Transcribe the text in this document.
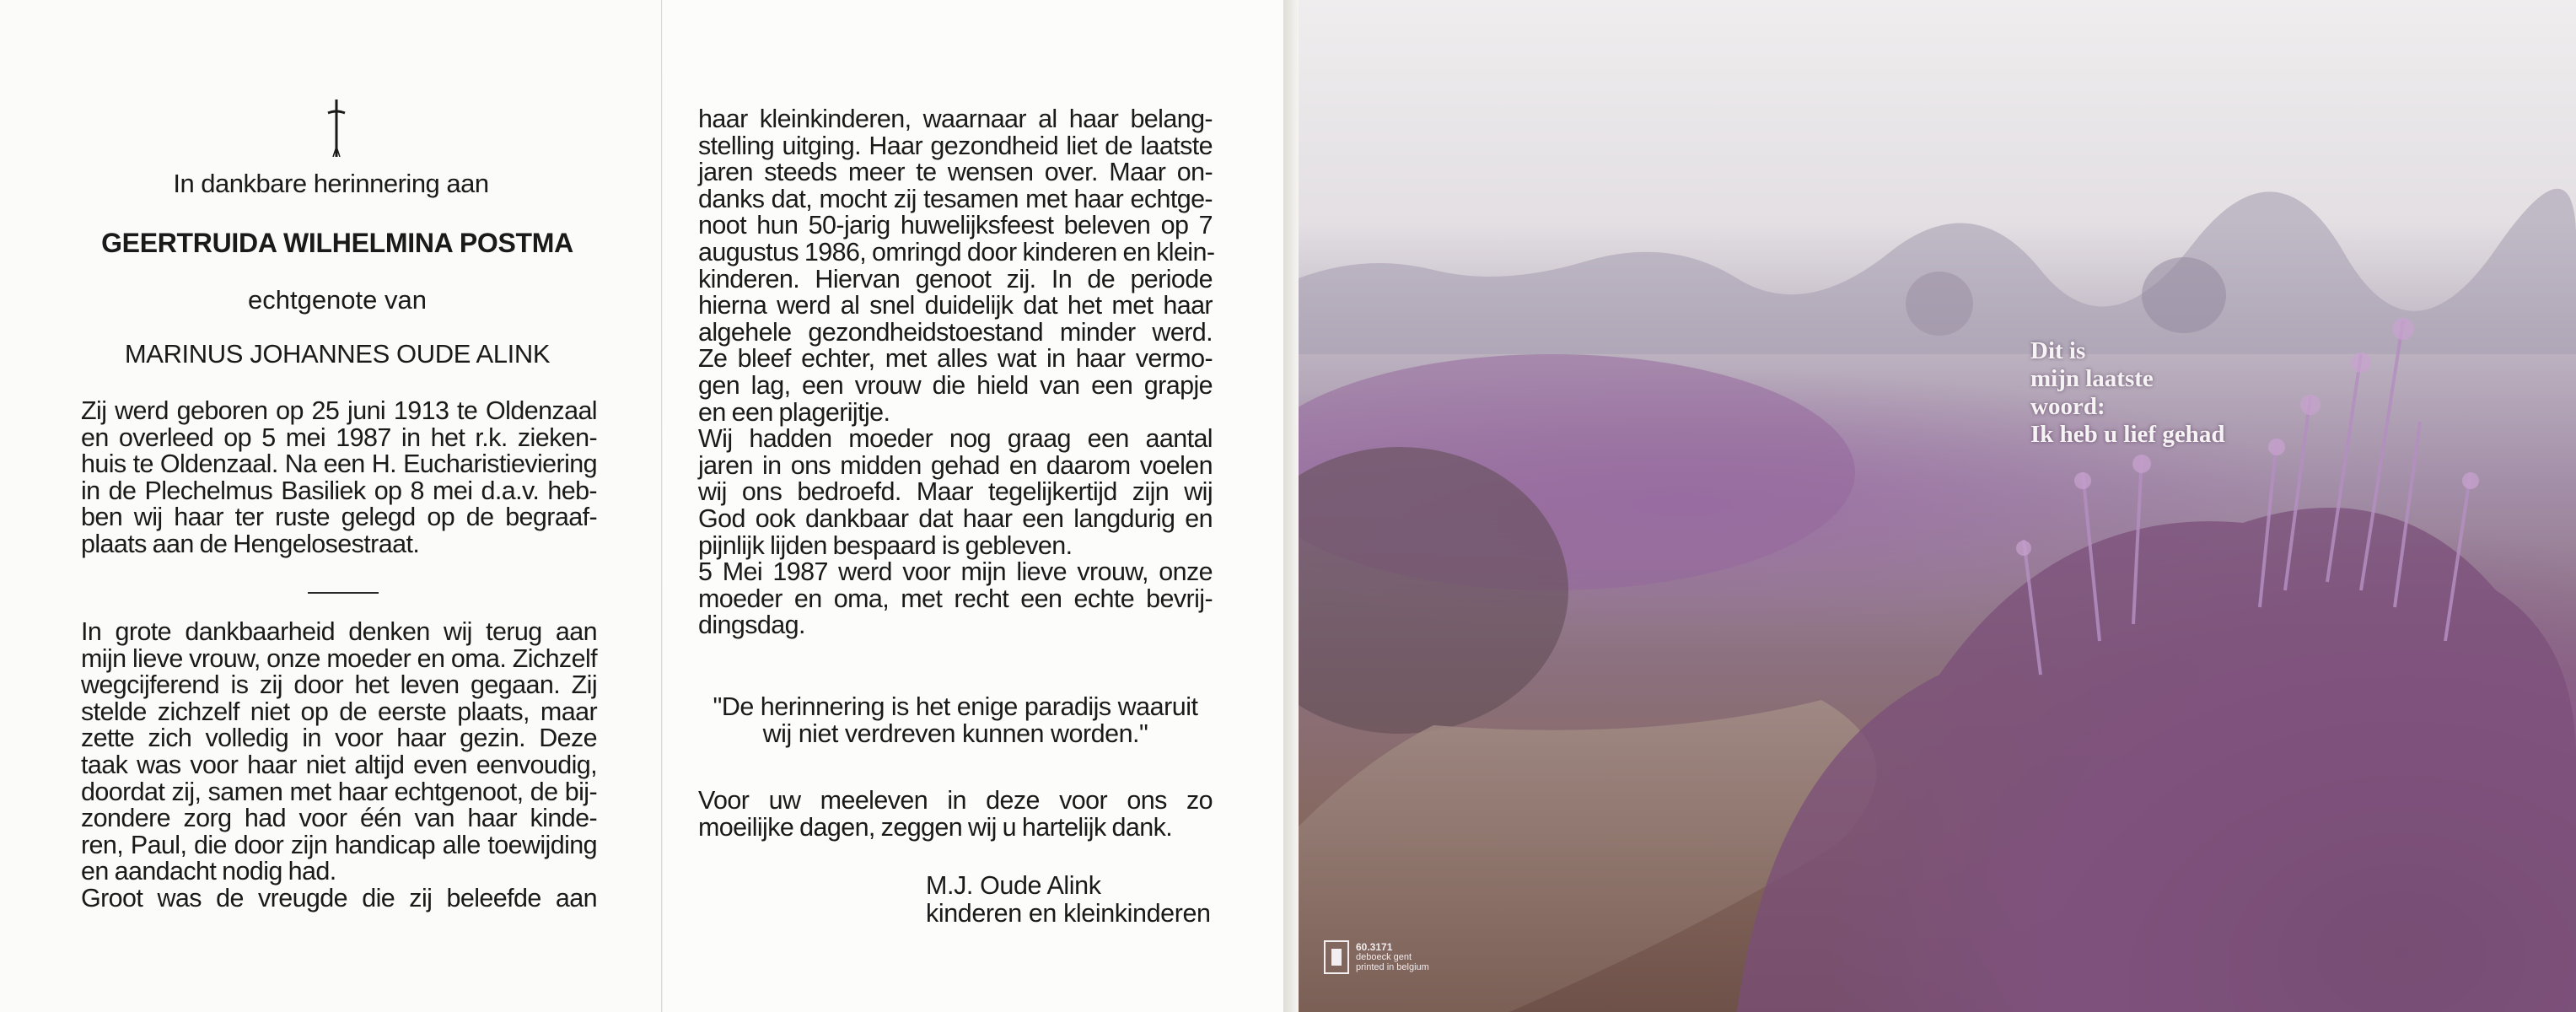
In dankbare herinnering aan
GEERTRUIDA WILHELMINA POSTMA
echtgenote van
MARINUS JOHANNES OUDE ALINK
Zij werd geboren op 25 juni 1913 te Oldenzaal
en overleed op 5 mei 1987 in het r.k. zieken-
huis te Oldenzaal. Na een H. Eucharistieviering
in de Plechelmus Basiliek op 8 mei d.a.v. heb-
ben wij haar ter ruste gelegd op de begraaf-
plaats aan de Hengelosestraat.
In grote dankbaarheid denken wij terug aan
mijn lieve vrouw, onze moeder en oma. Zichzelf
wegcijferend is zij door het leven gegaan. Zij
stelde zichzelf niet op de eerste plaats, maar
zette zich volledig in voor haar gezin. Deze
taak was voor haar niet altijd even eenvoudig,
doordat zij, samen met haar echtgenoot, de bij-
zondere zorg had voor één van haar kinde-
ren, Paul, die door zijn handicap alle toewijding
en aandacht nodig had.
Groot was de vreugde die zij beleefde aan
haar kleinkinderen, waarnaar al haar belang-
stelling uitging. Haar gezondheid liet de laatste
jaren steeds meer te wensen over. Maar on-
danks dat, mocht zij tesamen met haar echtge-
noot hun 50-jarig huwelijksfeest beleven op 7
augustus 1986, omringd door kinderen en klein-
kinderen. Hiervan genoot zij. In de periode
hierna werd al snel duidelijk dat het met haar
algehele gezondheidstoestand minder werd.
Ze bleef echter, met alles wat in haar vermo-
gen lag, een vrouw die hield van een grapje
en een plagerijtje.
Wij hadden moeder nog graag een aantal
jaren in ons midden gehad en daarom voelen
wij ons bedroefd. Maar tegelijkertijd zijn wij
God ook dankbaar dat haar een langdurig en
pijnlijk lijden bespaard is gebleven.
5 Mei 1987 werd voor mijn lieve vrouw, onze
moeder en oma, met recht een echte bevrij-
dingsdag.
"De herinnering is het enige paradijs waaruit
wij niet verdreven kunnen worden."
Voor uw meeleven in deze voor ons zo
moeilijke dagen, zeggen wij u hartelijk dank.
M.J. Oude Alink
kinderen en kleinkinderen
Dit is
mijn laatste
woord:
Ik heb u lief gehad
60.3171
deboeck gent
printed in belgium
